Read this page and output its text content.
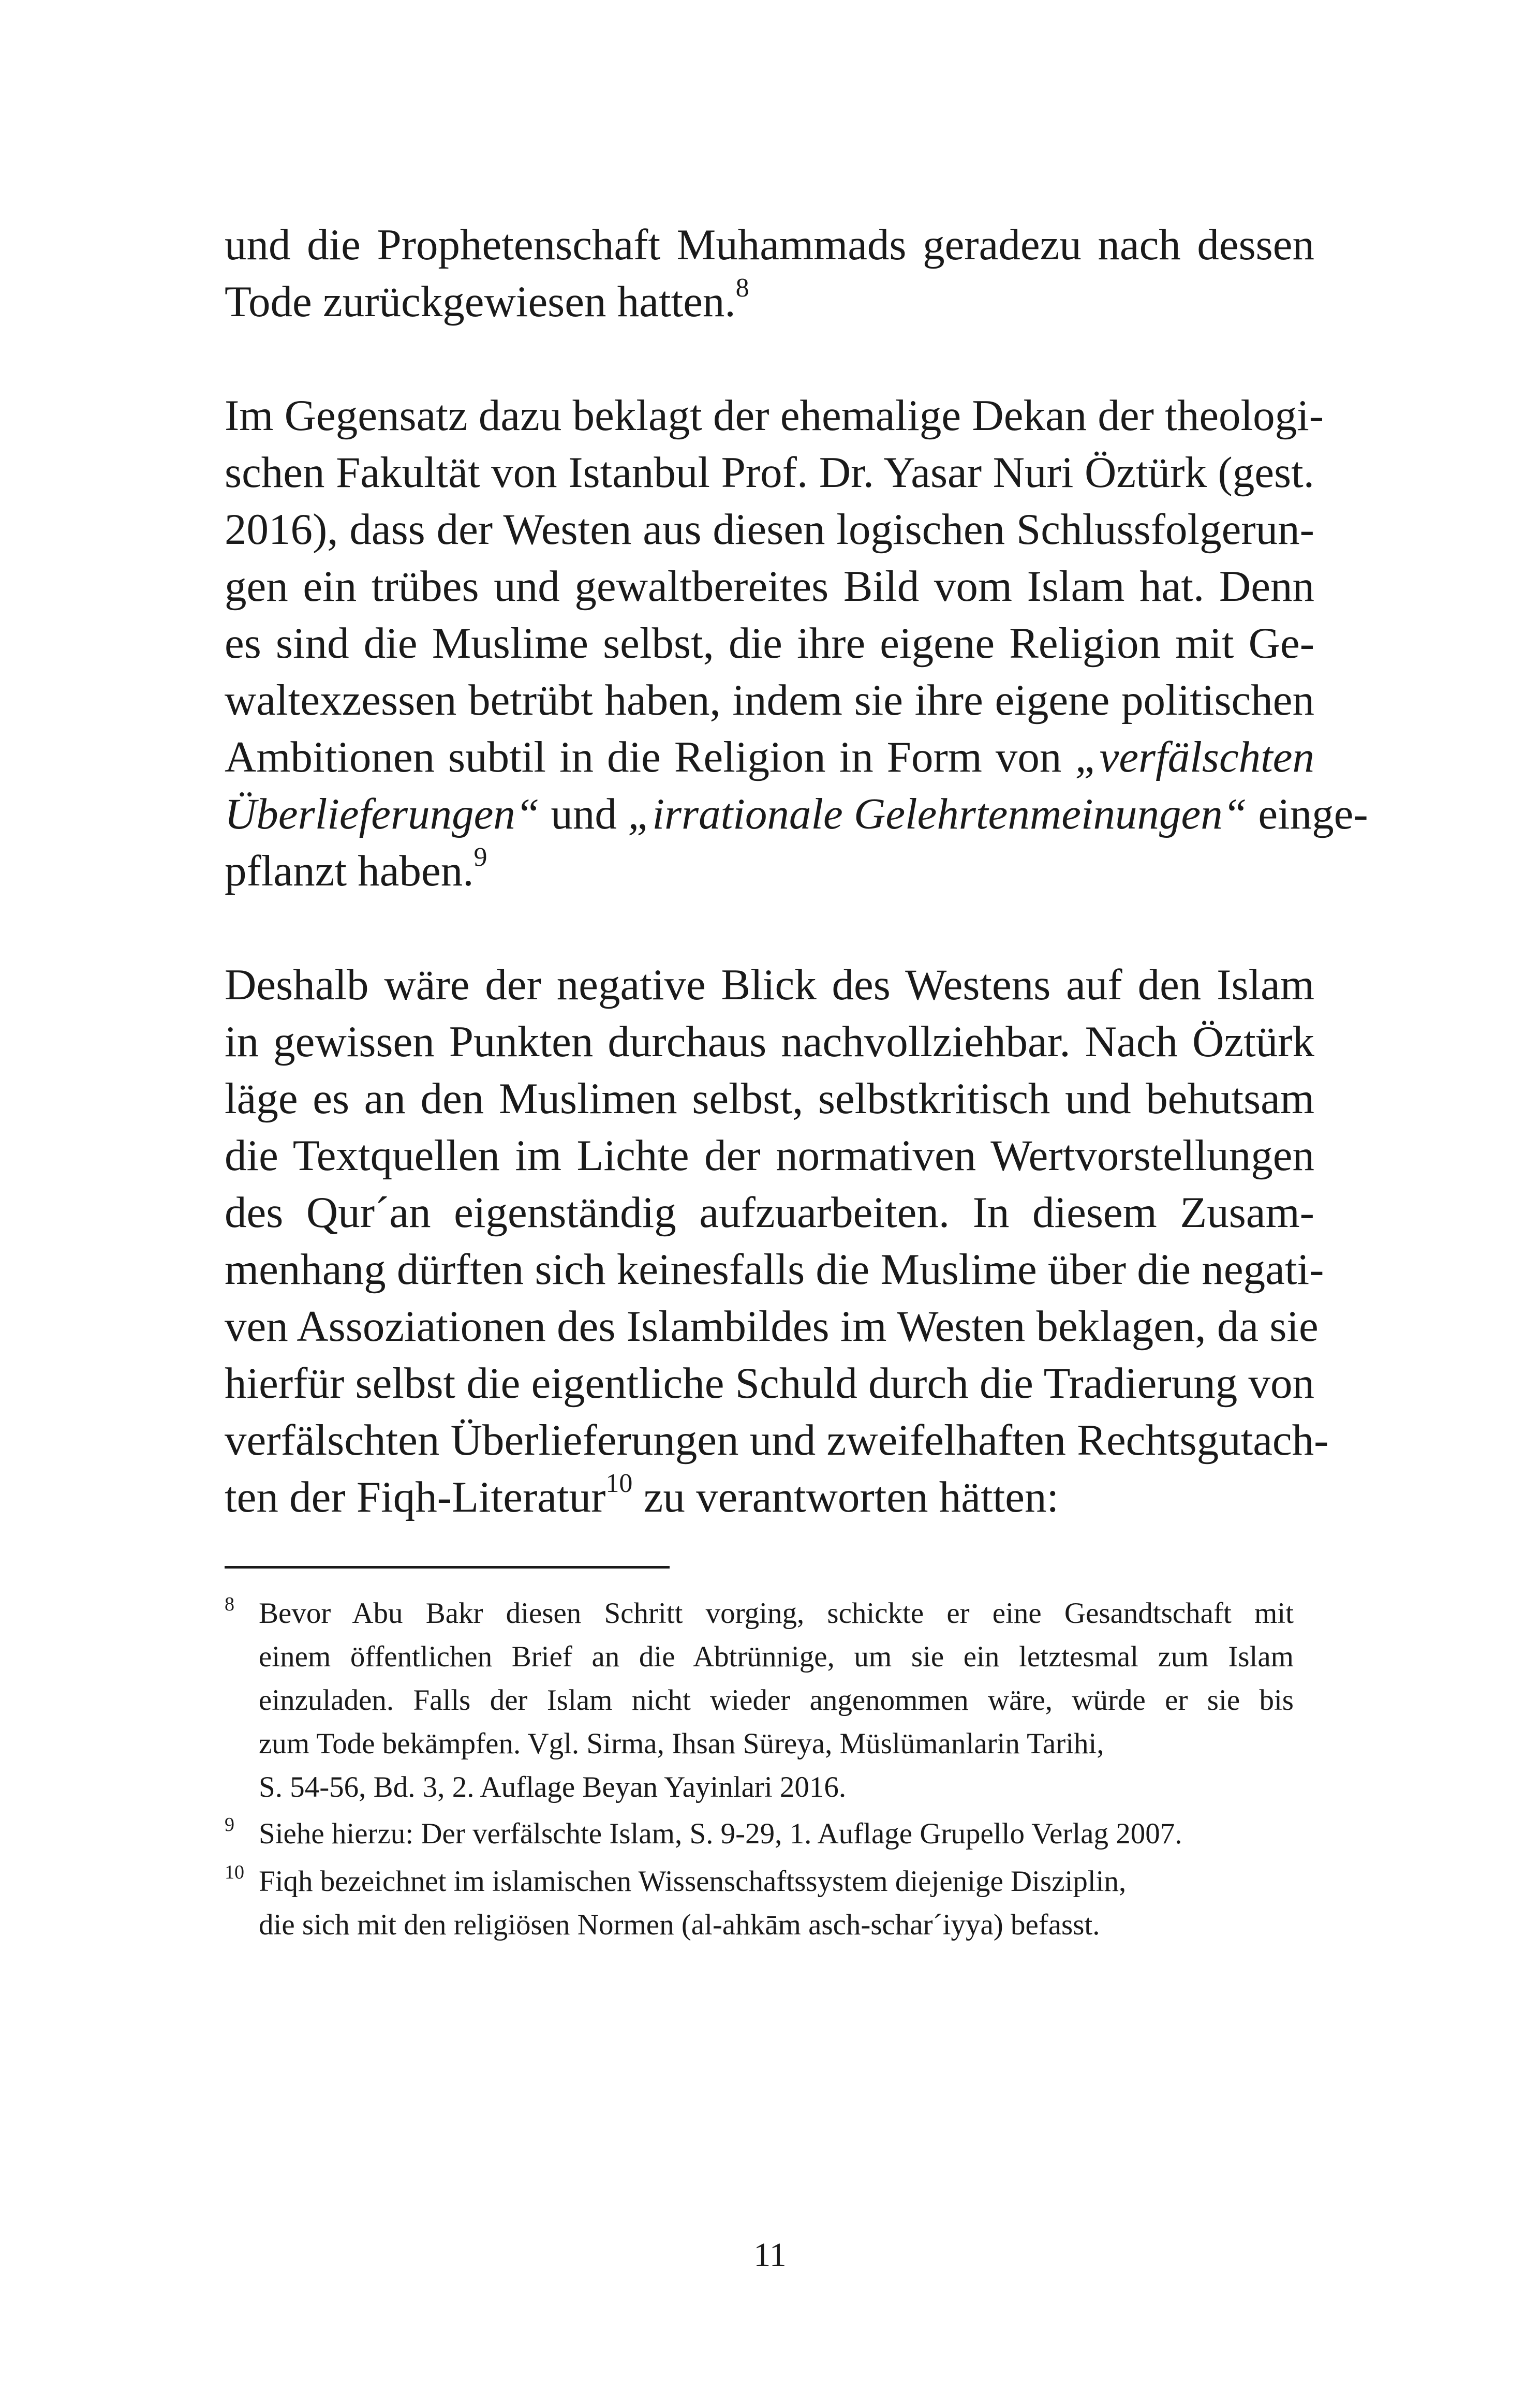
und die Prophetenschaft Muhammads geradezu nach dessen
Tode zurückgewiesen hatten.$^8$
Im Gegensatz dazu beklagt der ehemalige Dekan der theologi-
schen Fakultät von Istanbul Prof. Dr. Yasar Nuri Öztürk (gest.
2016), dass der Westen aus diesen logischen Schlussfolgerun-
gen ein trübes und gewaltbereites Bild vom Islam hat. Denn
es sind die Muslime selbst, die ihre eigene Religion mit Ge-
waltexzessen betrübt haben, indem sie ihre eigene politischen
Ambitionen subtil in die Religion in Form von „verfälschten
Überlieferungen“ und „irrationale Gelehrtenmeinungen“ einge-
pflanzt haben.$^9$
Deshalb wäre der negative Blick des Westens auf den Islam
in gewissen Punkten durchaus nachvollziehbar. Nach Öztürk
läge es an den Muslimen selbst, selbstkritisch und behutsam
die Textquellen im Lichte der normativen Wertvorstellungen
des Qur´an eigenständig aufzuarbeiten. In diesem Zusam-
menhang dürften sich keinesfalls die Muslime über die negati-
ven Assoziationen des Islambildes im Westen beklagen, da sie
hierfür selbst die eigentliche Schuld durch die Tradierung von
verfälschten Überlieferungen und zweifelhaften Rechtsgutach-
ten der Fiqh-Literatur$^{10}$ zu verantworten hätten:
8 Bevor Abu Bakr diesen Schritt vorging, schickte er eine Gesandtschaft mit
einem öffentlichen Brief an die Abtrünnige, um sie ein letztesmal zum Islam
einzuladen. Falls der Islam nicht wieder angenommen wäre, würde er sie bis
zum Tode bekämpfen. Vgl. Sirma, Ihsan Süreya, Müslümanlarin Tarihi,
S. 54-56, Bd. 3, 2. Auflage Beyan Yayinlari 2016.
9 Siehe hierzu: Der verfälschte Islam, S. 9-29, 1. Auflage Grupello Verlag 2007.
10 Fiqh bezeichnet im islamischen Wissenschaftssystem diejenige Disziplin,
die sich mit den religiösen Normen (al-ahkām asch-schar´iyya) befasst.
11
